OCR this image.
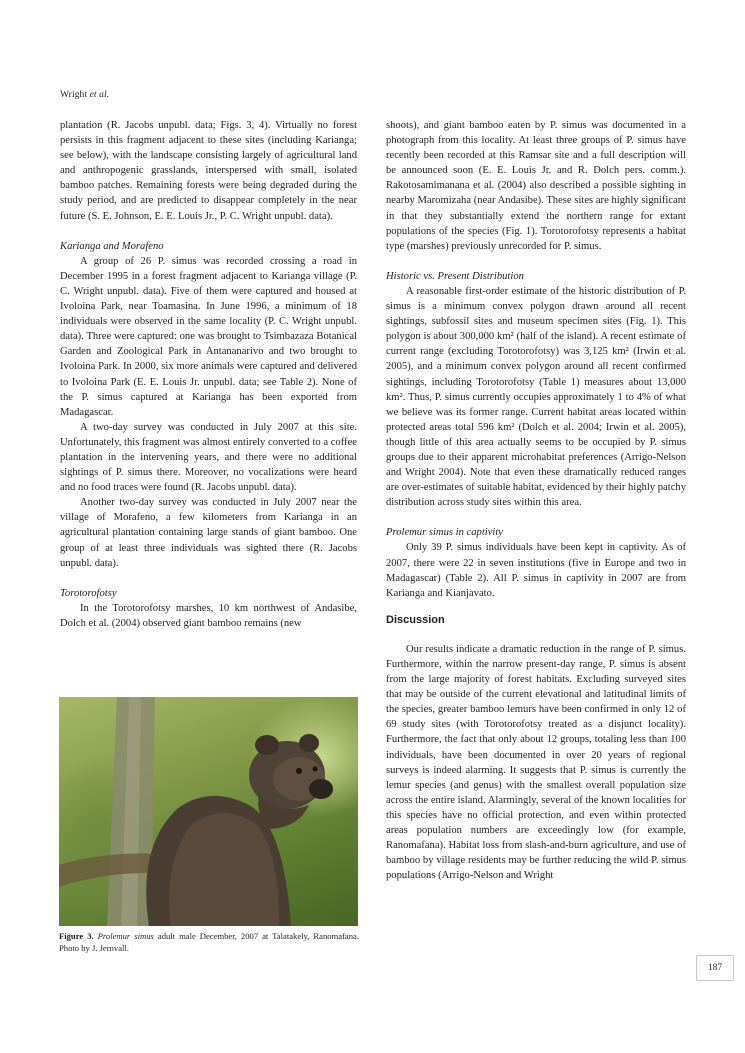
Wright et al.

plantation (R. Jacobs unpubl. data; Figs. 3, 4). Virtually no forest persists in this fragment adjacent to these sites (including Karianga; see below), with the landscape consisting largely of agricultural land and anthropogenic grasslands, interspersed with small, isolated bamboo patches. Remaining forests were being degraded during the study period, and are predicted to disappear completely in the near future (S. E. Johnson, E. E. Louis Jr., P. C. Wright unpubl. data).

Karianga and Morafeno

A group of 26 P. simus was recorded crossing a road in December 1995 in a forest fragment adjacent to Karianga village (P. C. Wright unpubl. data). Five of them were captured and housed at Ivoloina Park, near Toamasina. In June 1996, a minimum of 18 individuals were observed in the same locality (P. C. Wright unpubl. data). Three were captured: one was brought to Tsimbazaza Botanical Garden and Zoological Park in Antananarivo and two brought to Ivoloina Park. In 2000, six more animals were captured and delivered to Ivoloina Park (E. E. Louis Jr. unpubl. data; see Table 2). None of the P. simus captured at Karianga has been exported from Madagascar.

A two-day survey was conducted in July 2007 at this site. Unfortunately, this fragment was almost entirely converted to a coffee plantation in the intervening years, and there were no additional sightings of P. simus there. Moreover, no vocalizations were heard and no food traces were found (R. Jacobs unpubl. data).

Another two-day survey was conducted in July 2007 near the village of Morafeno, a few kilometers from Karianga in an agricultural plantation containing large stands of giant bamboo. One group of at least three individuals was sighted there (R. Jacobs unpubl. data).

Torotorofotsy

In the Torotorofotsy marshes, 10 km northwest of Andasibe, Dolch et al. (2004) observed giant bamboo remains (new

Figure 3. Prolemur simus adult male December, 2007 at Talatakely, Ranomafana. Photo by J. Jernvall.

shoots), and giant bamboo eaten by P. simus was documented in a photograph from this locality. At least three groups of P. simus have recently been recorded at this Ramsar site and a full description will be announced soon (E. E. Louis Jr. and R. Dolch pers. comm.). Rakotosamimanana et al. (2004) also described a possible sighting in nearby Maromizaha (near Andasibe). These sites are highly significant in that they substantially extend the northern range for extant populations of the species (Fig. 1). Torotorofotsy represents a habitat type (marshes) previously unrecorded for P. simus.

Historic vs. Present Distribution

A reasonable first-order estimate of the historic distribution of P. simus is a minimum convex polygon drawn around all recent sightings, subfossil sites and museum specimen sites (Fig. 1). This polygon is about 300,000 km² (half of the island). A recent estimate of current range (excluding Torotorofotsy) was 3,125 km² (Irwin et al. 2005), and a minimum convex polygon around all recent confirmed sightings, including Torotorofotsy (Table 1) measures about 13,000 km². Thus, P. simus currently occupies approximately 1 to 4% of what we believe was its former range. Current habitat areas located within protected areas total 596 km² (Dolch et al. 2004; Irwin et al. 2005), though little of this area actually seems to be occupied by P. simus groups due to their apparent microhabitat preferences (Arrigo-Nelson and Wright 2004). Note that even these dramatically reduced ranges are over-estimates of suitable habitat, evidenced by their highly patchy distribution across study sites within this area.

Prolemur simus in captivity

Only 39 P. simus individuals have been kept in captivity. As of 2007, there were 22 in seven institutions (five in Europe and two in Madagascar) (Table 2). All P. simus in captivity in 2007 are from Karianga and Kianjavato.

Discussion

Our results indicate a dramatic reduction in the range of P. simus. Furthermore, within the narrow present-day range, P. simus is absent from the large majority of forest habitats. Excluding surveyed sites that may be outside of the current elevational and latitudinal limits of the species, greater bamboo lemurs have been confirmed in only 12 of 69 study sites (with Torotorofotsy treated as a disjunct locality). Furthermore, the fact that only about 12 groups, totaling less than 100 individuals, have been documented in over 20 years of regional surveys is indeed alarming. It suggests that P. simus is currently the lemur species (and genus) with the smallest overall population size across the entire island. Alarmingly, several of the known localities for this species have no official protection, and even within protected areas population numbers are exceedingly low (for example, Ranomafana). Habitat loss from slash-and-burn agriculture, and use of bamboo by village residents may be further reducing the wild P. simus populations (Arrigo-Nelson and Wright

187
